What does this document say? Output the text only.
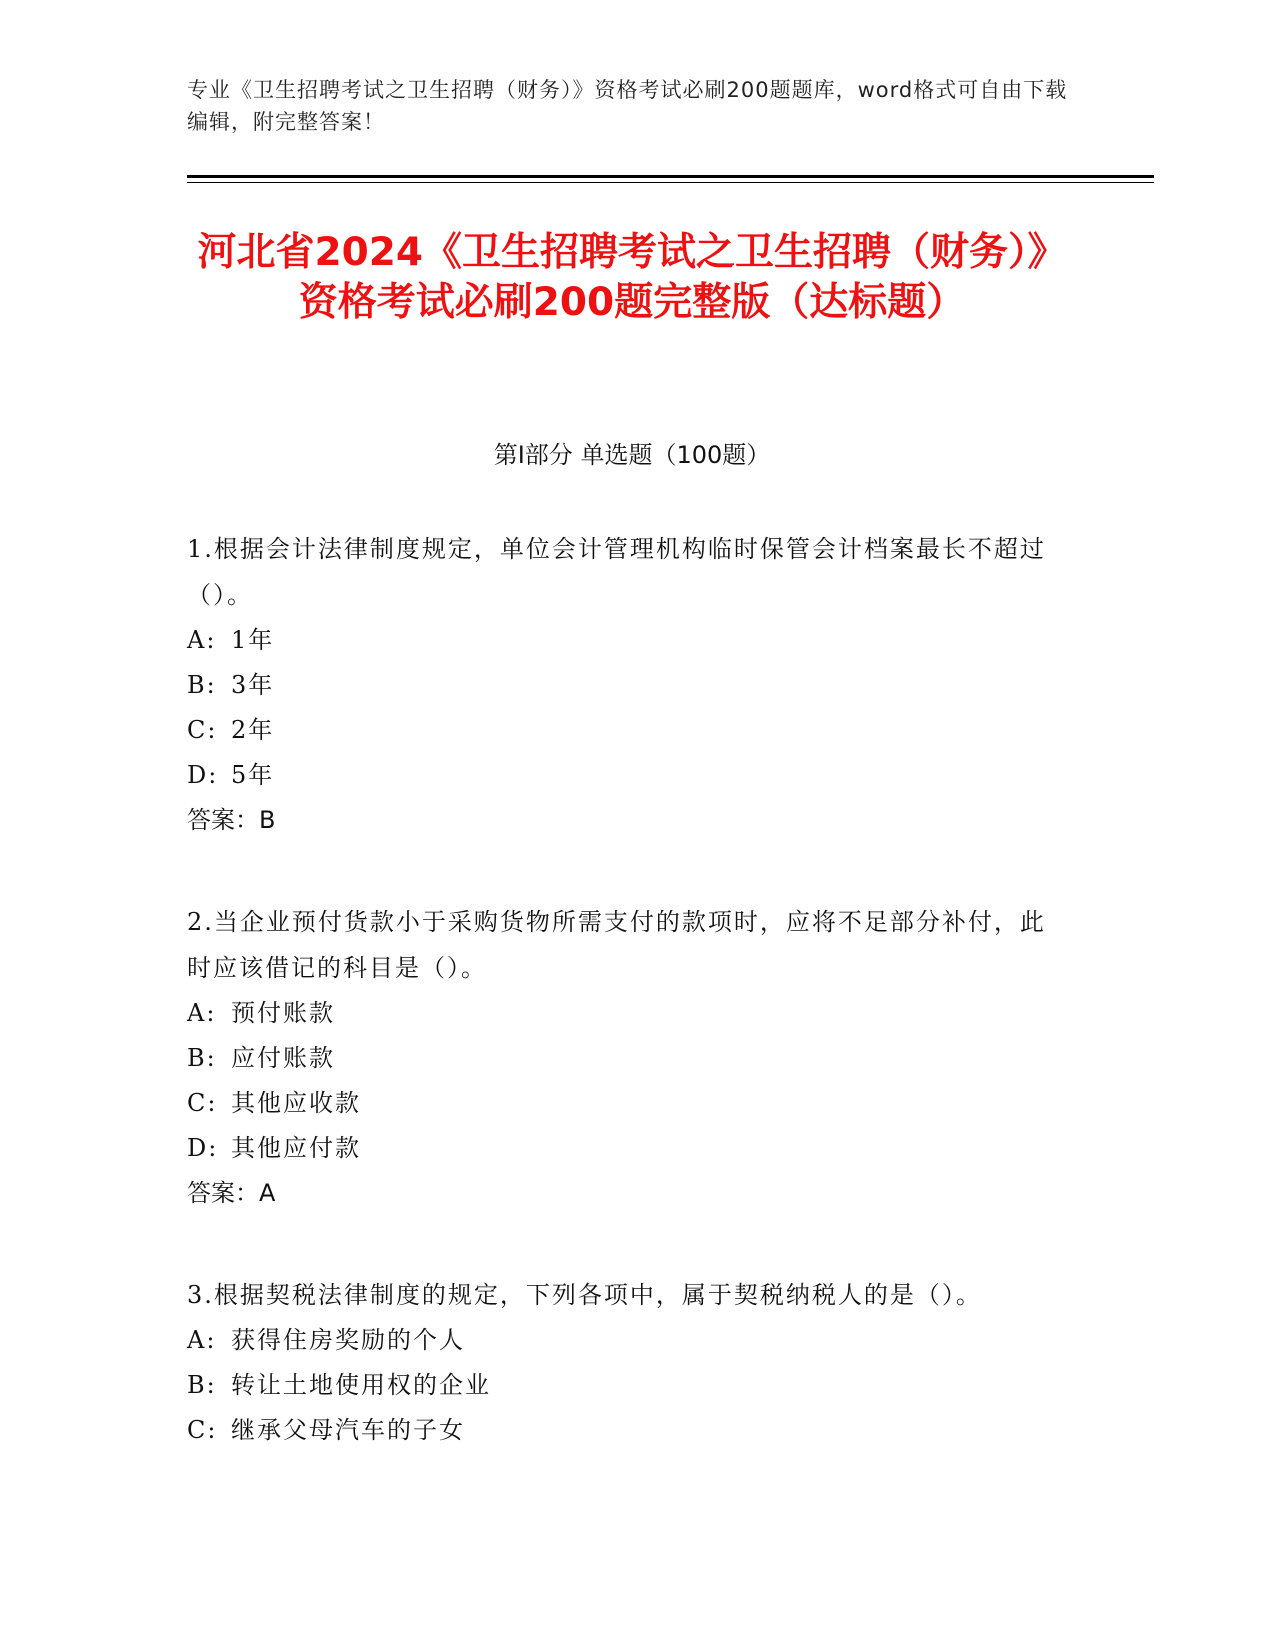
专业《卫生招聘考试之卫生招聘（财务）》资格考试必刷200题题库，word格式可自由下载编辑，附完整答案！
河北省2024《卫生招聘考试之卫生招聘（财务）》资格考试必刷200题完整版（达标题）
第I部分 单选题（100题）
1.根据会计法律制度规定，单位会计管理机构临时保管会计档案最长不超过（）。
A: 1年
B: 3年
C: 2年
D: 5年
答案：B
2.当企业预付货款小于采购货物所需支付的款项时，应将不足部分补付，此时应该借记的科目是（）。
A: 预付账款
B: 应付账款
C: 其他应收款
D: 其他应付款
答案：A
3.根据契税法律制度的规定，下列各项中，属于契税纳税人的是（）。
A: 获得住房奖励的个人
B: 转让土地使用权的企业
C: 继承父母汽车的子女
